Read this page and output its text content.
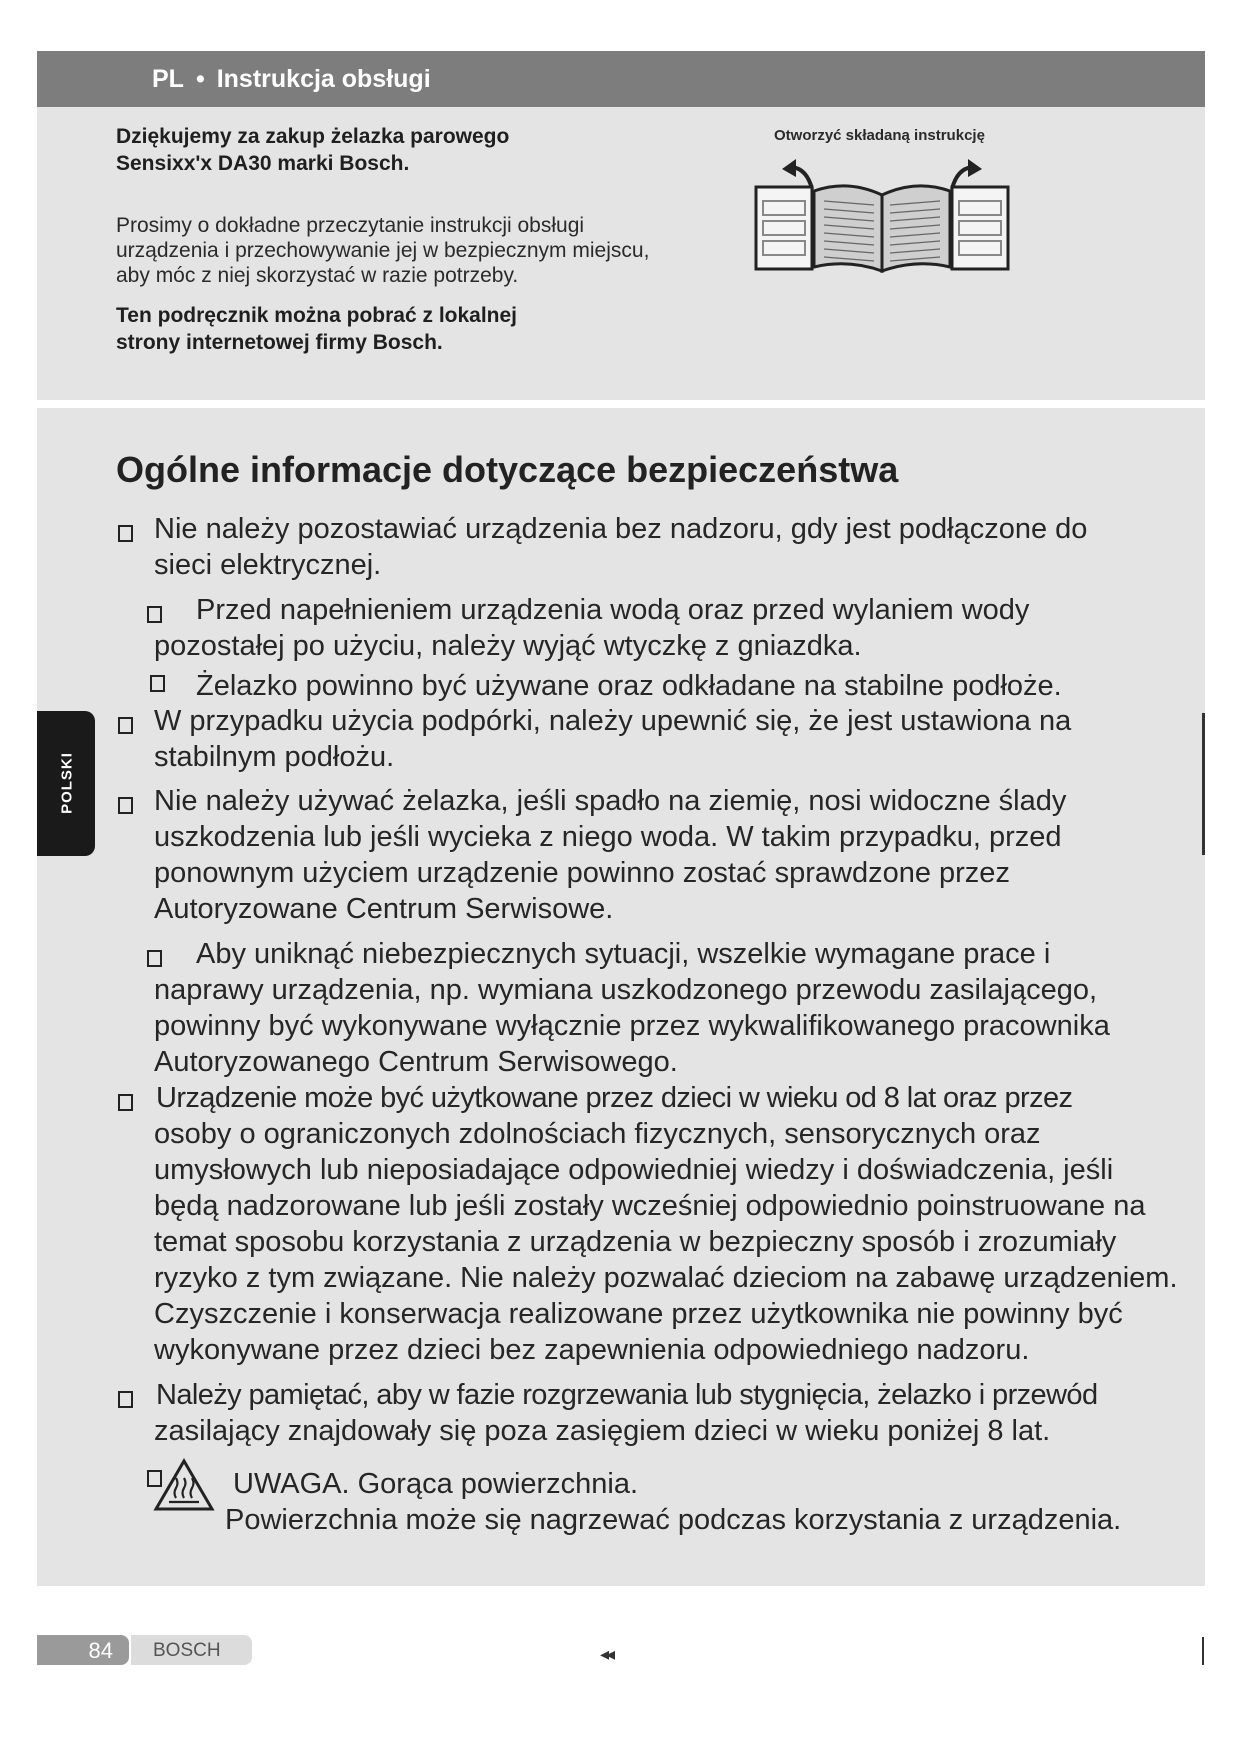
PL • Instrukcja obsługi
Dziękujemy za zakup żelazka parowego
Sensixx'x DA30 marki Bosch.
Prosimy o dokładne przeczytanie instrukcji obsługi urządzenia i przechowywanie jej w bezpiecznym miejscu, aby móc z niej skorzystać w razie potrzeby.
Ten podręcznik można pobrać z lokalnej
strony internetowej firmy Bosch.
Otworzyć składaną instrukcję
Ogólne informacje dotyczące bezpieczeństwa
Nie należy pozostawiać urządzenia bez nadzoru, gdy jest podłączone do
sieci elektrycznej.
Przed napełnieniem urządzenia wodą oraz przed wylaniem wody
pozostałej po użyciu, należy wyjąć wtyczkę z gniazdka.
Żelazko powinno być używane oraz odkładane na stabilne podłoże.
W przypadku użycia podpórki, należy upewnić się, że jest ustawiona na
stabilnym podłożu.
Nie należy używać żelazka, jeśli spadło na ziemię, nosi widoczne ślady
uszkodzenia lub jeśli wycieka z niego woda. W takim przypadku, przed
ponownym użyciem urządzenie powinno zostać sprawdzone przez
Autoryzowane Centrum Serwisowe.
Aby uniknąć niebezpiecznych sytuacji, wszelkie wymagane prace i
naprawy urządzenia, np. wymiana uszkodzonego przewodu zasilającego,
powinny być wykonywane wyłącznie przez wykwalifikowanego pracownika
Autoryzowanego Centrum Serwisowego.
Urządzenie może być użytkowane przez dzieci w wieku od 8 lat oraz przez
osoby o ograniczonych zdolnościach fizycznych, sensorycznych oraz
umysłowych lub nieposiadające odpowiedniej wiedzy i doświadczenia, jeśli
będą nadzorowane lub jeśli zostały wcześniej odpowiednio poinstruowane na
temat sposobu korzystania z urządzenia w bezpieczny sposób i zrozumiały
ryzyko z tym związane. Nie należy pozwalać dzieciom na zabawę urządzeniem.
Czyszczenie i konserwacja realizowane przez użytkownika nie powinny być
wykonywane przez dzieci bez zapewnienia odpowiedniego nadzoru.
Należy pamiętać, aby w fazie rozgrzewania lub stygnięcia, żelazko i przewód
zasilający znajdowały się poza zasięgiem dzieci w wieku poniżej 8 lat.
UWAGA. Gorąca powierzchnia.
Powierzchnia może się nagrzewać podczas korzystania z urządzenia.
POLSKI
84 BOSCH	◂◂
